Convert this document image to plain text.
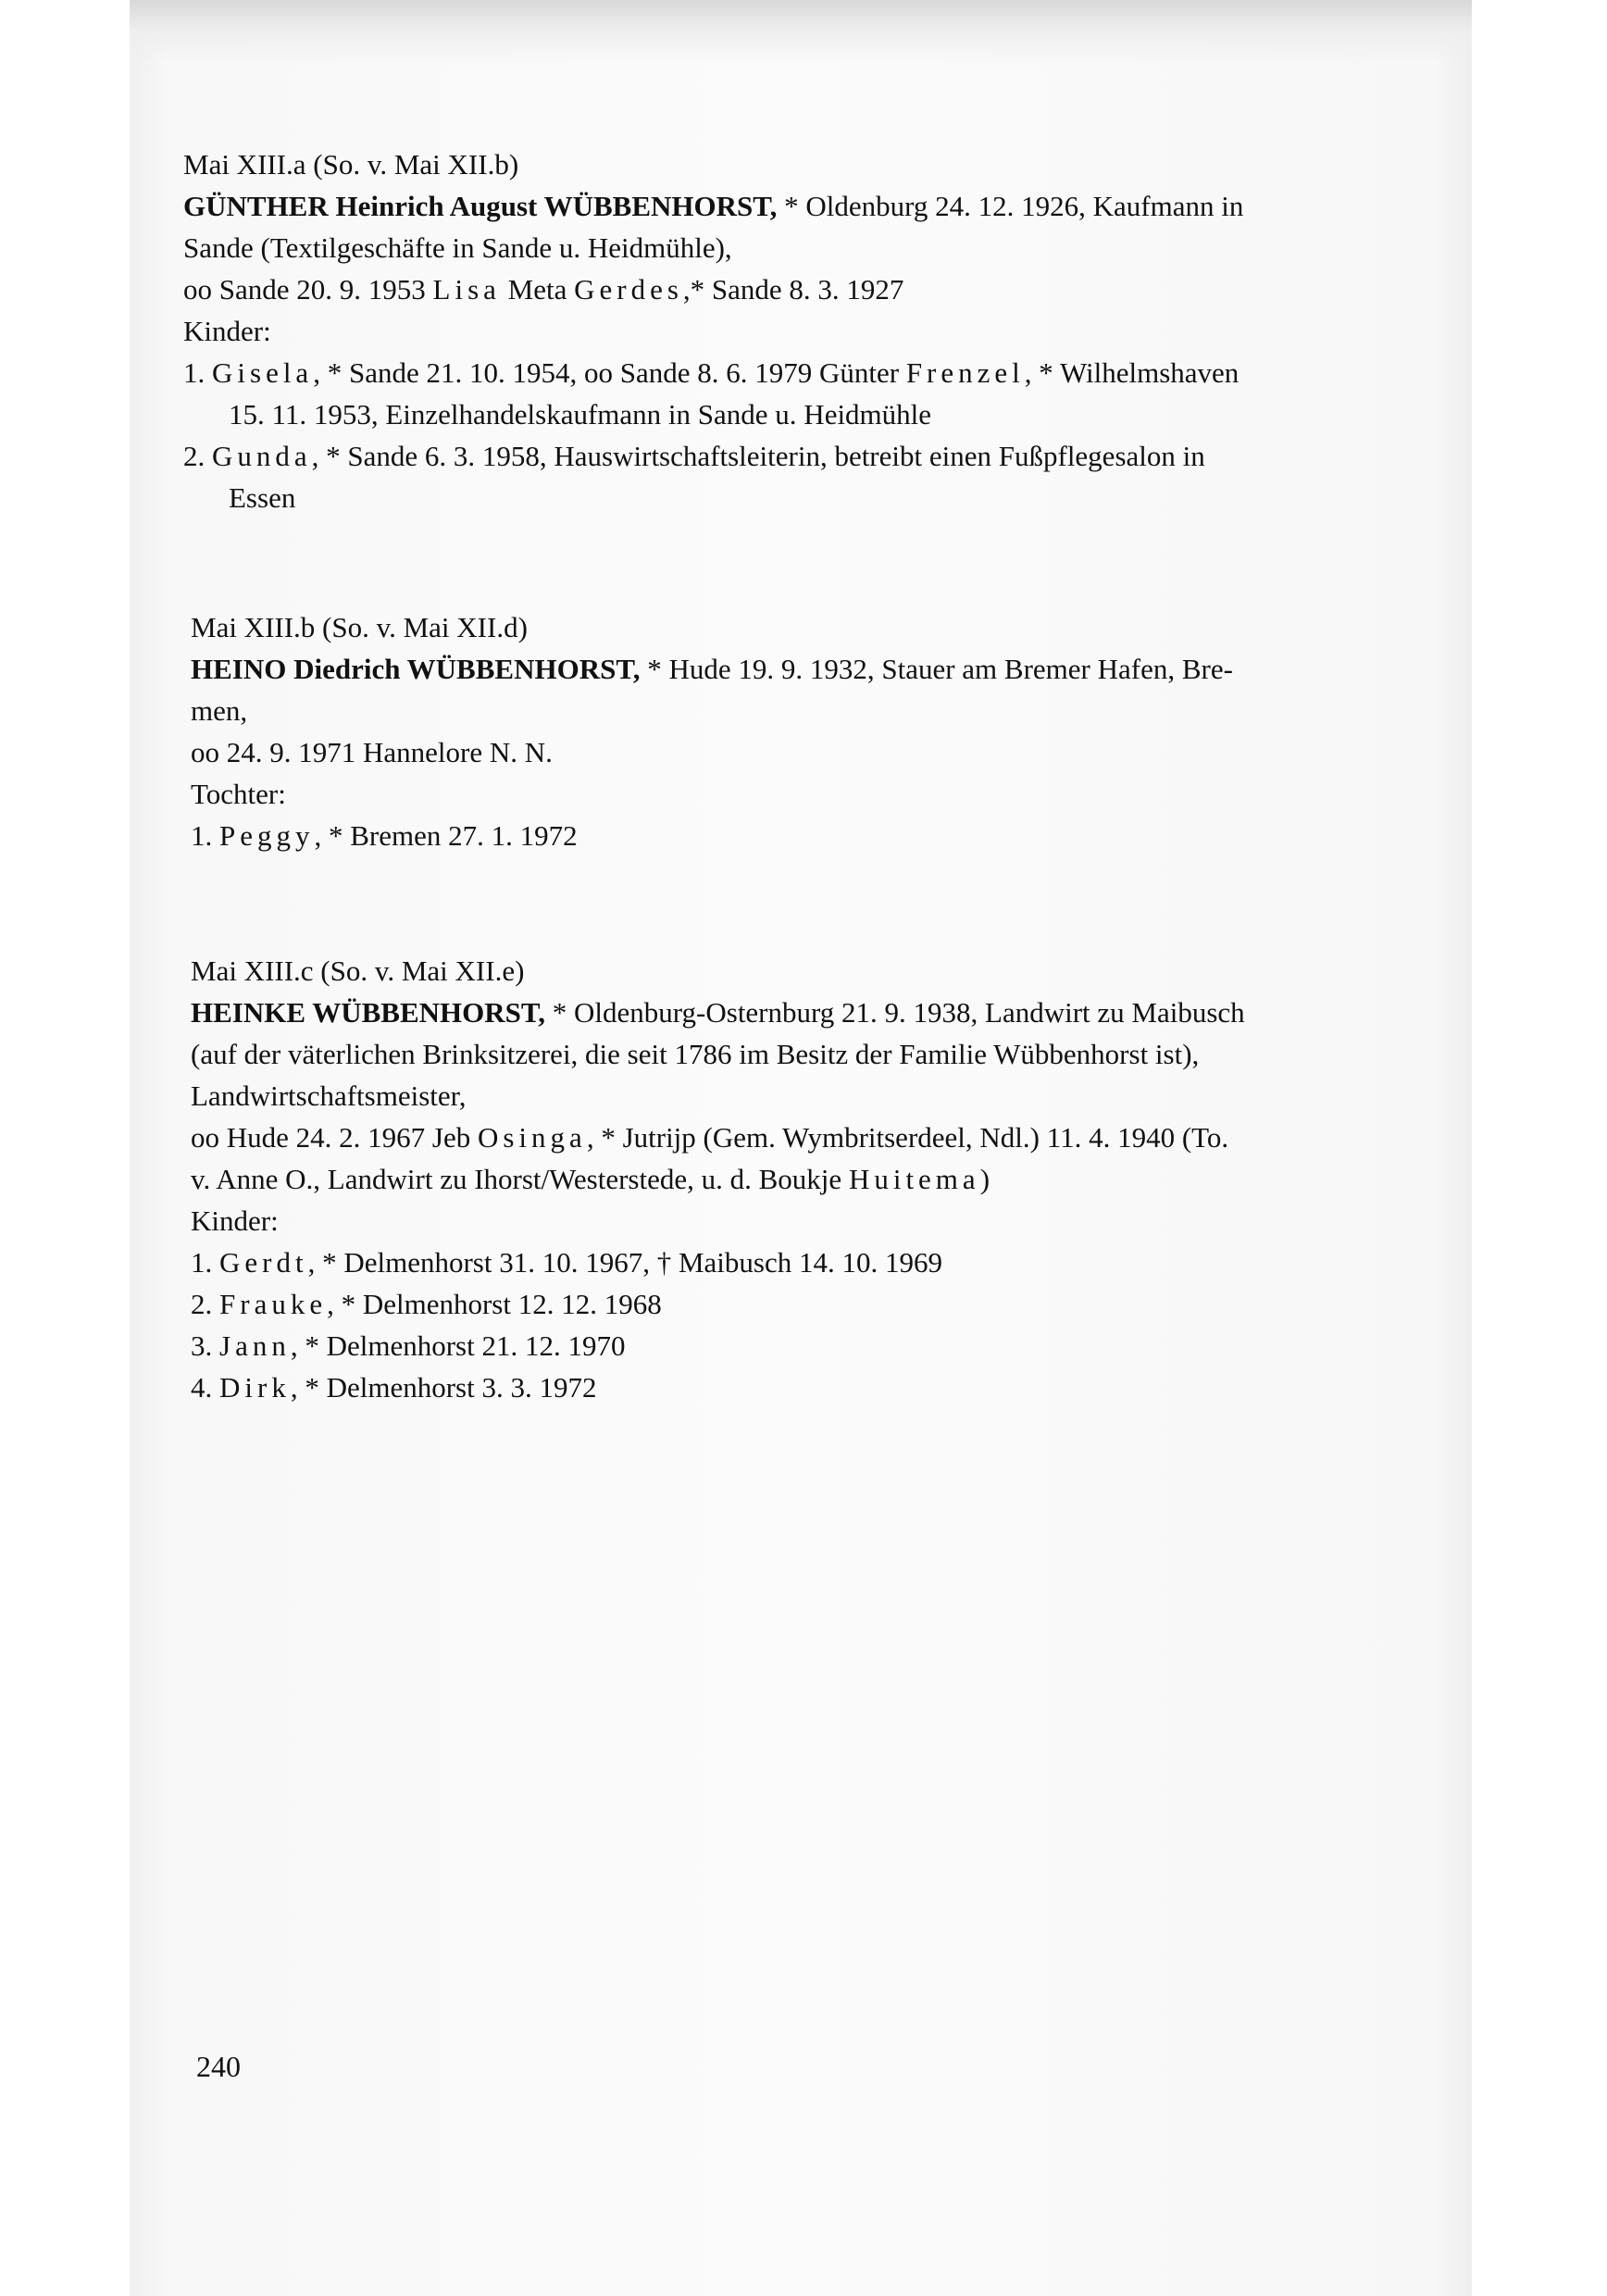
Mai XIII.a (So. v. Mai XII.b)
GÜNTHER Heinrich August WÜBBENHORST, * Oldenburg 24. 12. 1926, Kaufmann in
Sande (Textilgeschäfte in Sande u. Heidmühle),
oo Sande 20. 9. 1953 Lisa Meta Gerdes,* Sande 8. 3. 1927
Kinder:
1. Gisela, * Sande 21. 10. 1954, oo Sande 8. 6. 1979 Günter Frenzel, * Wilhelmshaven
15. 11. 1953, Einzelhandelskaufmann in Sande u. Heidmühle
2. Gunda, * Sande 6. 3. 1958, Hauswirtschaftsleiterin, betreibt einen Fußpflegesalon in
Essen
Mai XIII.b (So. v. Mai XII.d)
HEINO Diedrich WÜBBENHORST, * Hude 19. 9. 1932, Stauer am Bremer Hafen, Bre-
men,
oo 24. 9. 1971 Hannelore N. N.
Tochter:
1. Peggy, * Bremen 27. 1. 1972
Mai XIII.c (So. v. Mai XII.e)
HEINKE WÜBBENHORST, * Oldenburg-Osternburg 21. 9. 1938, Landwirt zu Maibusch
(auf der väterlichen Brinksitzerei, die seit 1786 im Besitz der Familie Wübbenhorst ist),
Landwirtschaftsmeister,
oo Hude 24. 2. 1967 Jeb Osinga, * Jutrijp (Gem. Wymbritserdeel, Ndl.) 11. 4. 1940 (To.
v. Anne O., Landwirt zu Ihorst/Westerstede, u. d. Boukje Huitema)
Kinder:
1. Gerdt, * Delmenhorst 31. 10. 1967, † Maibusch 14. 10. 1969
2. Frauke, * Delmenhorst 12. 12. 1968
3. Jann, * Delmenhorst 21. 12. 1970
4. Dirk, * Delmenhorst 3. 3. 1972
240
